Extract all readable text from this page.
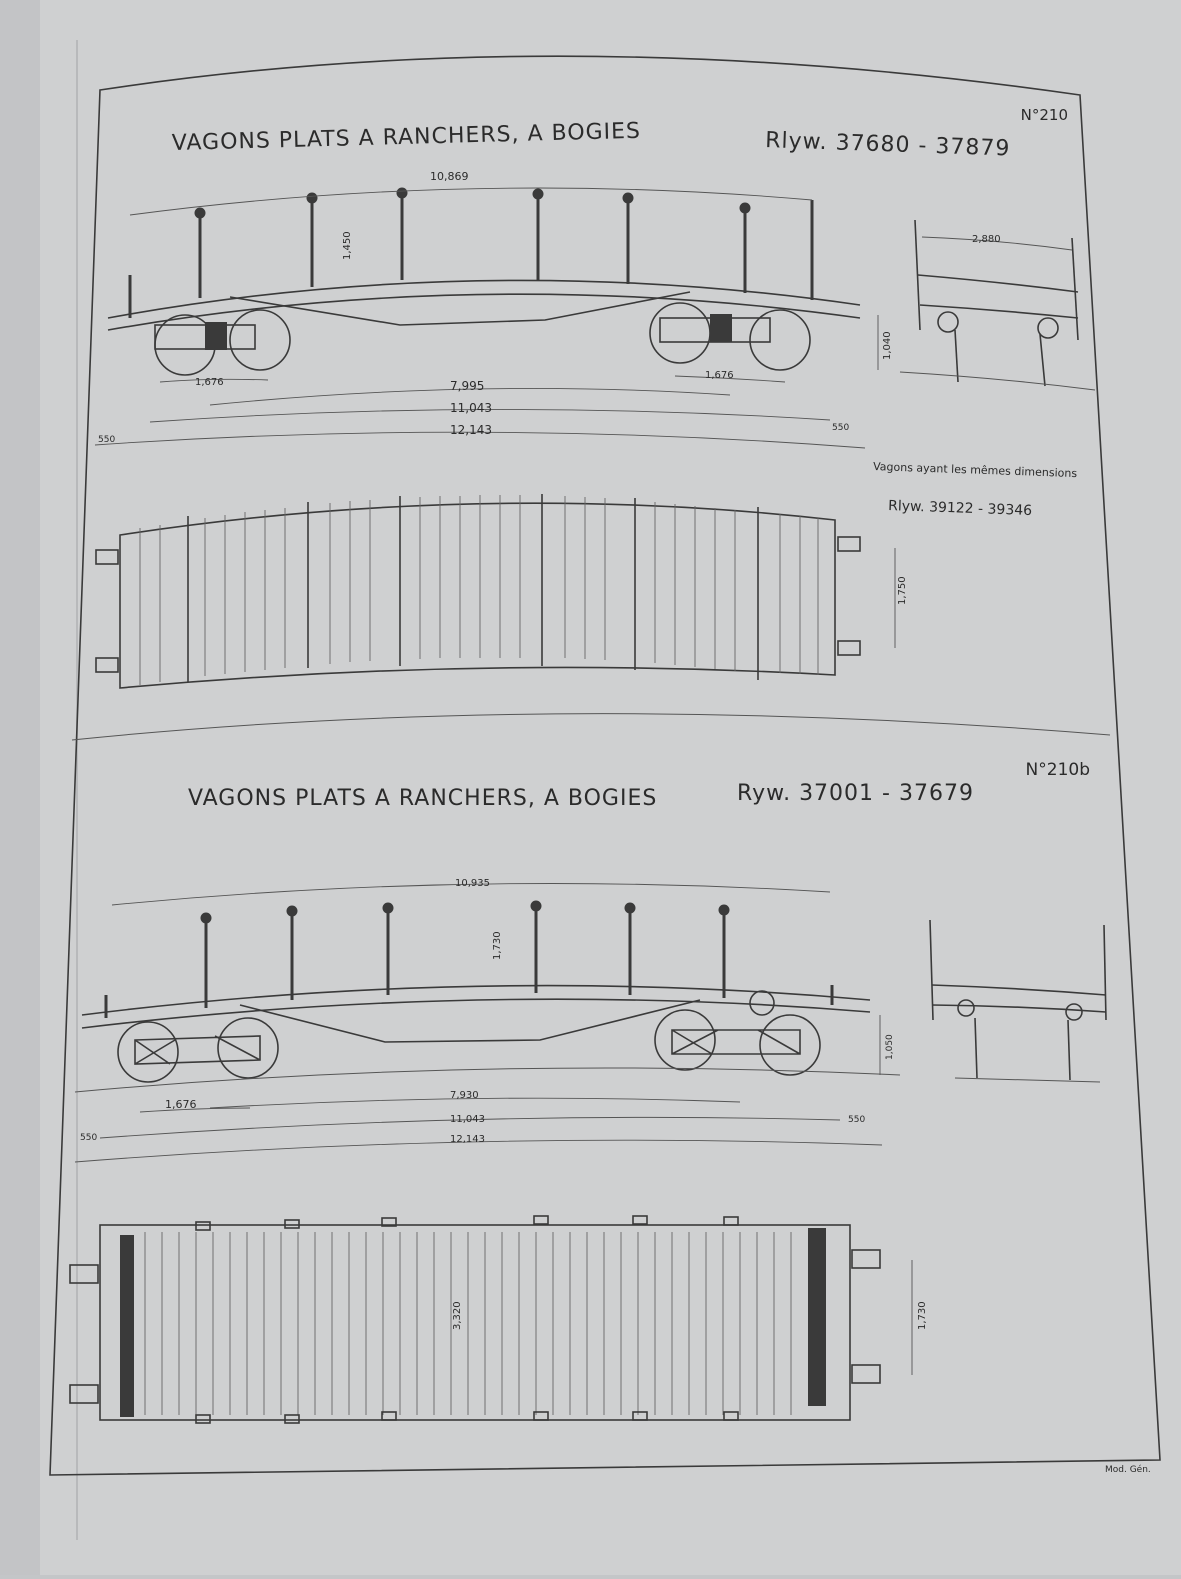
N°210
VAGONS PLATS A RANCHERS, A BOGIES	Rlyw. 37680 - 37879
10,869
1,450
1,676
1,676
7,995
11,043
12,143
550
550
1,040
2,880
Vagons ayant les mêmes dimensions
Rlyw. 39122 - 39346
1,750
N°210b
VAGONS PLATS A RANCHERS, A BOGIES	Ryw. 37001 - 37679
10,935
1,730
1,676
7,930
11,043
12,143
550
550
1,050
1,730
3,320
Mod. Gén.
